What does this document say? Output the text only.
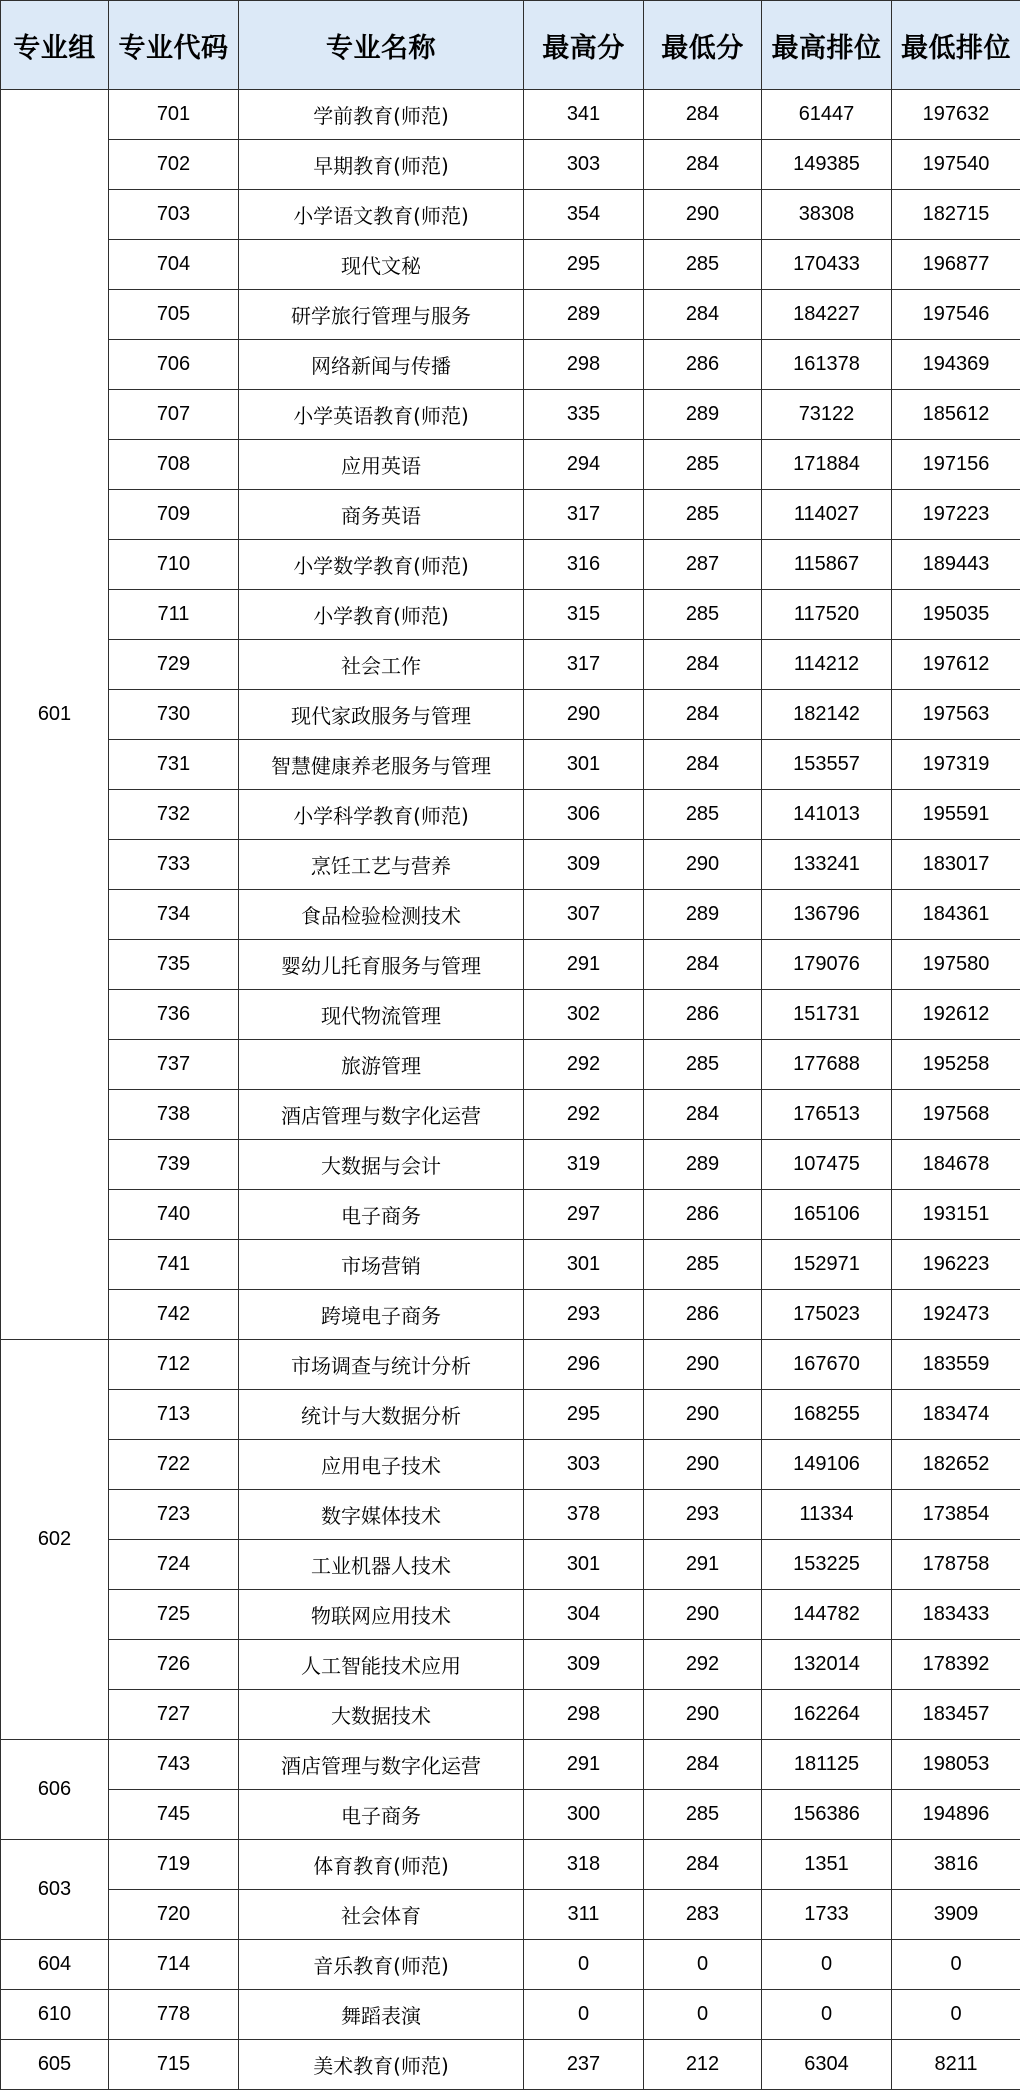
专业组	专业代码	专业名称	最高分	最低分	最高排位	最低排位
601	701	学前教育(师范)	341	284	61447	197632
	702	早期教育(师范)	303	284	149385	197540
	703	小学语文教育(师范)	354	290	38308	182715
	704	现代文秘	295	285	170433	196877
	705	研学旅行管理与服务	289	284	184227	197546
	706	网络新闻与传播	298	286	161378	194369
	707	小学英语教育(师范)	335	289	73122	185612
	708	应用英语	294	285	171884	197156
	709	商务英语	317	285	114027	197223
	710	小学数学教育(师范)	316	287	115867	189443
	711	小学教育(师范)	315	285	117520	195035
	729	社会工作	317	284	114212	197612
	730	现代家政服务与管理	290	284	182142	197563
	731	智慧健康养老服务与管理	301	284	153557	197319
	732	小学科学教育(师范)	306	285	141013	195591
	733	烹饪工艺与营养	309	290	133241	183017
	734	食品检验检测技术	307	289	136796	184361
	735	婴幼儿托育服务与管理	291	284	179076	197580
	736	现代物流管理	302	286	151731	192612
	737	旅游管理	292	285	177688	195258
	738	酒店管理与数字化运营	292	284	176513	197568
	739	大数据与会计	319	289	107475	184678
	740	电子商务	297	286	165106	193151
	741	市场营销	301	285	152971	196223
	742	跨境电子商务	293	286	175023	192473
602	712	市场调查与统计分析	296	290	167670	183559
	713	统计与大数据分析	295	290	168255	183474
	722	应用电子技术	303	290	149106	182652
	723	数字媒体技术	378	293	11334	173854
	724	工业机器人技术	301	291	153225	178758
	725	物联网应用技术	304	290	144782	183433
	726	人工智能技术应用	309	292	132014	178392
	727	大数据技术	298	290	162264	183457
606	743	酒店管理与数字化运营	291	284	181125	198053
	745	电子商务	300	285	156386	194896
603	719	体育教育(师范)	318	284	1351	3816
	720	社会体育	311	283	1733	3909
604	714	音乐教育(师范)	0	0	0	0
610	778	舞蹈表演	0	0	0	0
605	715	美术教育(师范)	237	212	6304	8211
